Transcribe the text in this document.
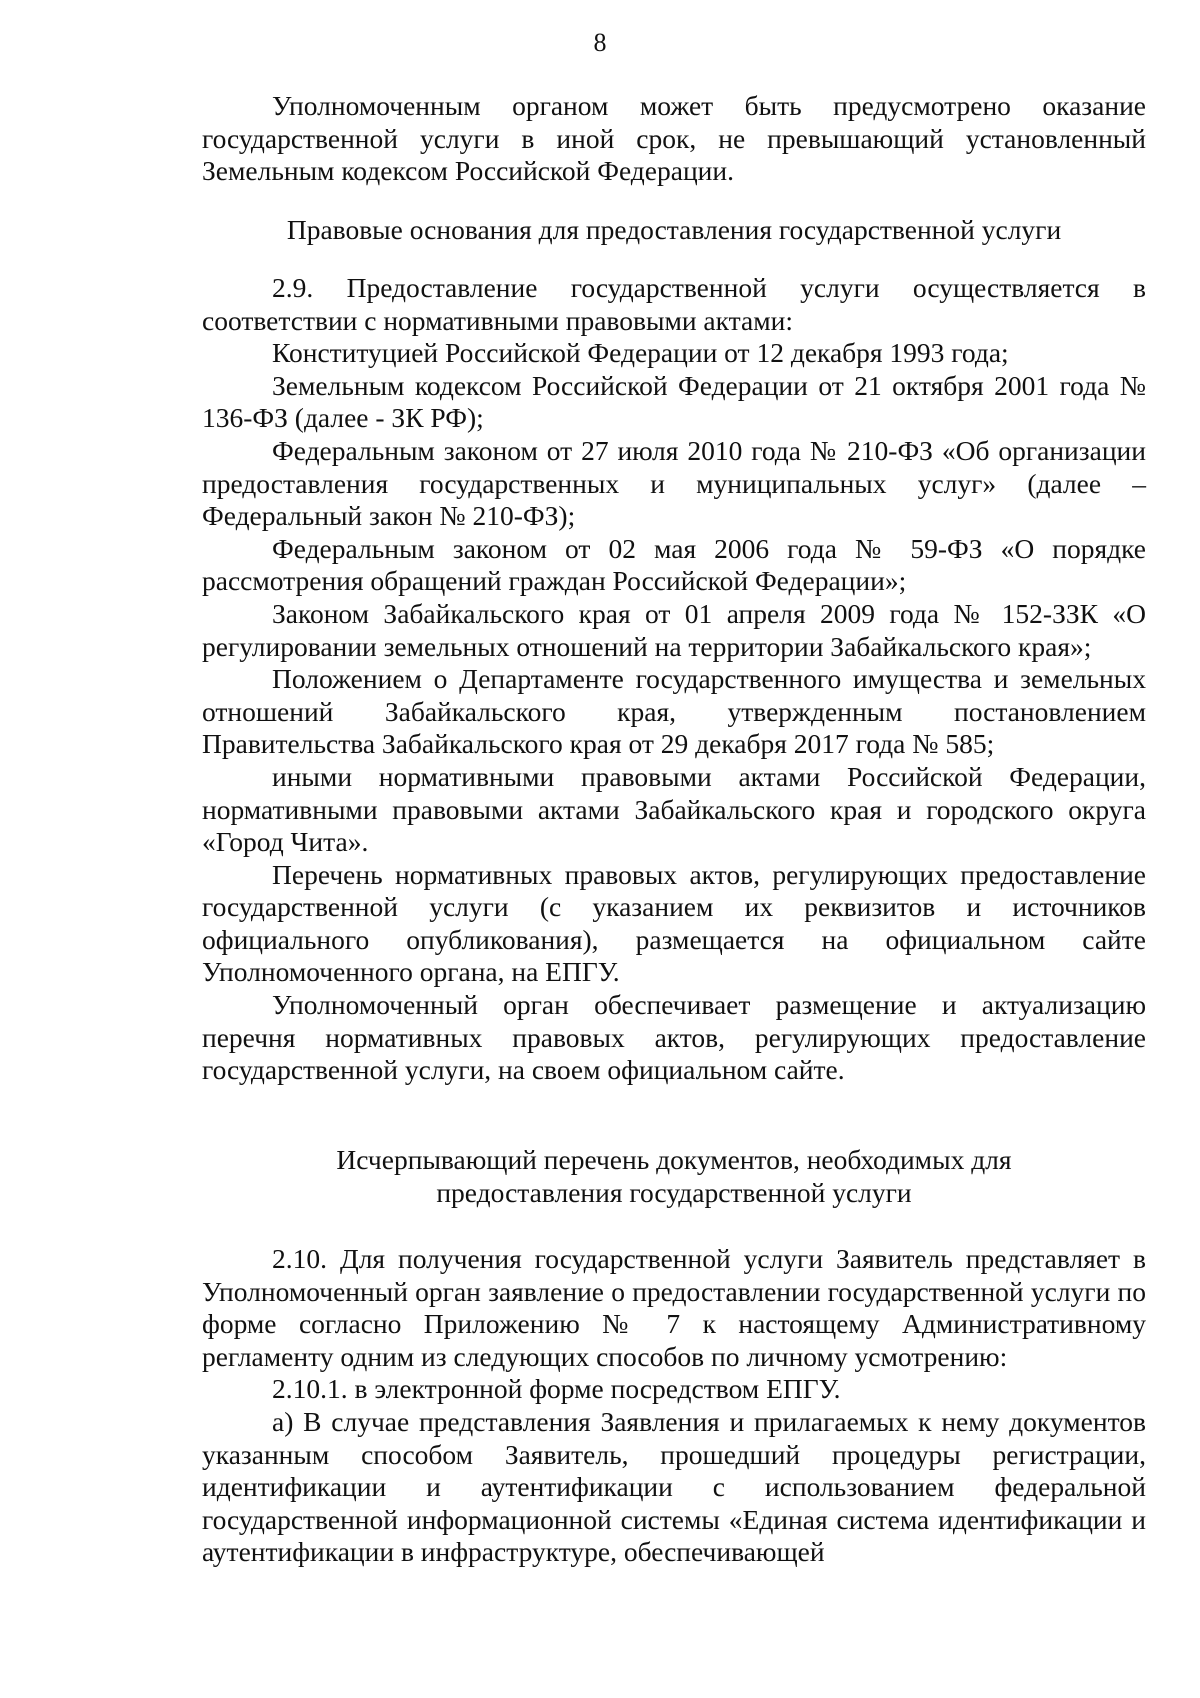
8

Уполномоченным органом может быть предусмотрено оказание государственной услуги в иной срок, не превышающий установленный Земельным кодексом Российской Федерации.

Правовые основания для предоставления государственной услуги

2.9. Предоставление государственной услуги осуществляется в соответствии с нормативными правовыми актами:

Конституцией Российской Федерации от 12 декабря 1993 года;

Земельным кодексом Российской Федерации от 21 октября 2001 года № 136-ФЗ (далее - ЗК РФ);

Федеральным законом от 27 июля 2010 года № 210-ФЗ «Об организации предоставления государственных и муниципальных услуг» (далее – Федеральный закон № 210-ФЗ);

Федеральным законом от 02 мая 2006 года № 59-ФЗ «О порядке рассмотрения обращений граждан Российской Федерации»;

Законом Забайкальского края от 01 апреля 2009 года № 152-ЗЗК «О регулировании земельных отношений на территории Забайкальского края»;

Положением о Департаменте государственного имущества и земельных отношений Забайкальского края, утвержденным постановлением Правительства Забайкальского края от 29 декабря 2017 года № 585;

иными нормативными правовыми актами Российской Федерации, нормативными правовыми актами Забайкальского края и городского округа «Город Чита».

Перечень нормативных правовых актов, регулирующих предоставление государственной услуги (с указанием их реквизитов и источников официального опубликования), размещается на официальном сайте Уполномоченного органа, на ЕПГУ.

Уполномоченный орган обеспечивает размещение и актуализацию перечня нормативных правовых актов, регулирующих предоставление государственной услуги, на своем официальном сайте.

Исчерпывающий перечень документов, необходимых для

предоставления государственной услуги

2.10. Для получения государственной услуги Заявитель представляет в Уполномоченный орган заявление о предоставлении государственной услуги по форме согласно Приложению № 7 к настоящему Административному регламенту одним из следующих способов по личному усмотрению:

2.10.1. в электронной форме посредством ЕПГУ.

а) В случае представления Заявления и прилагаемых к нему документов указанным способом Заявитель, прошедший процедуры регистрации, идентификации и аутентификации с использованием федеральной государственной информационной системы «Единая система идентификации и аутентификации в инфраструктуре, обеспечивающей
